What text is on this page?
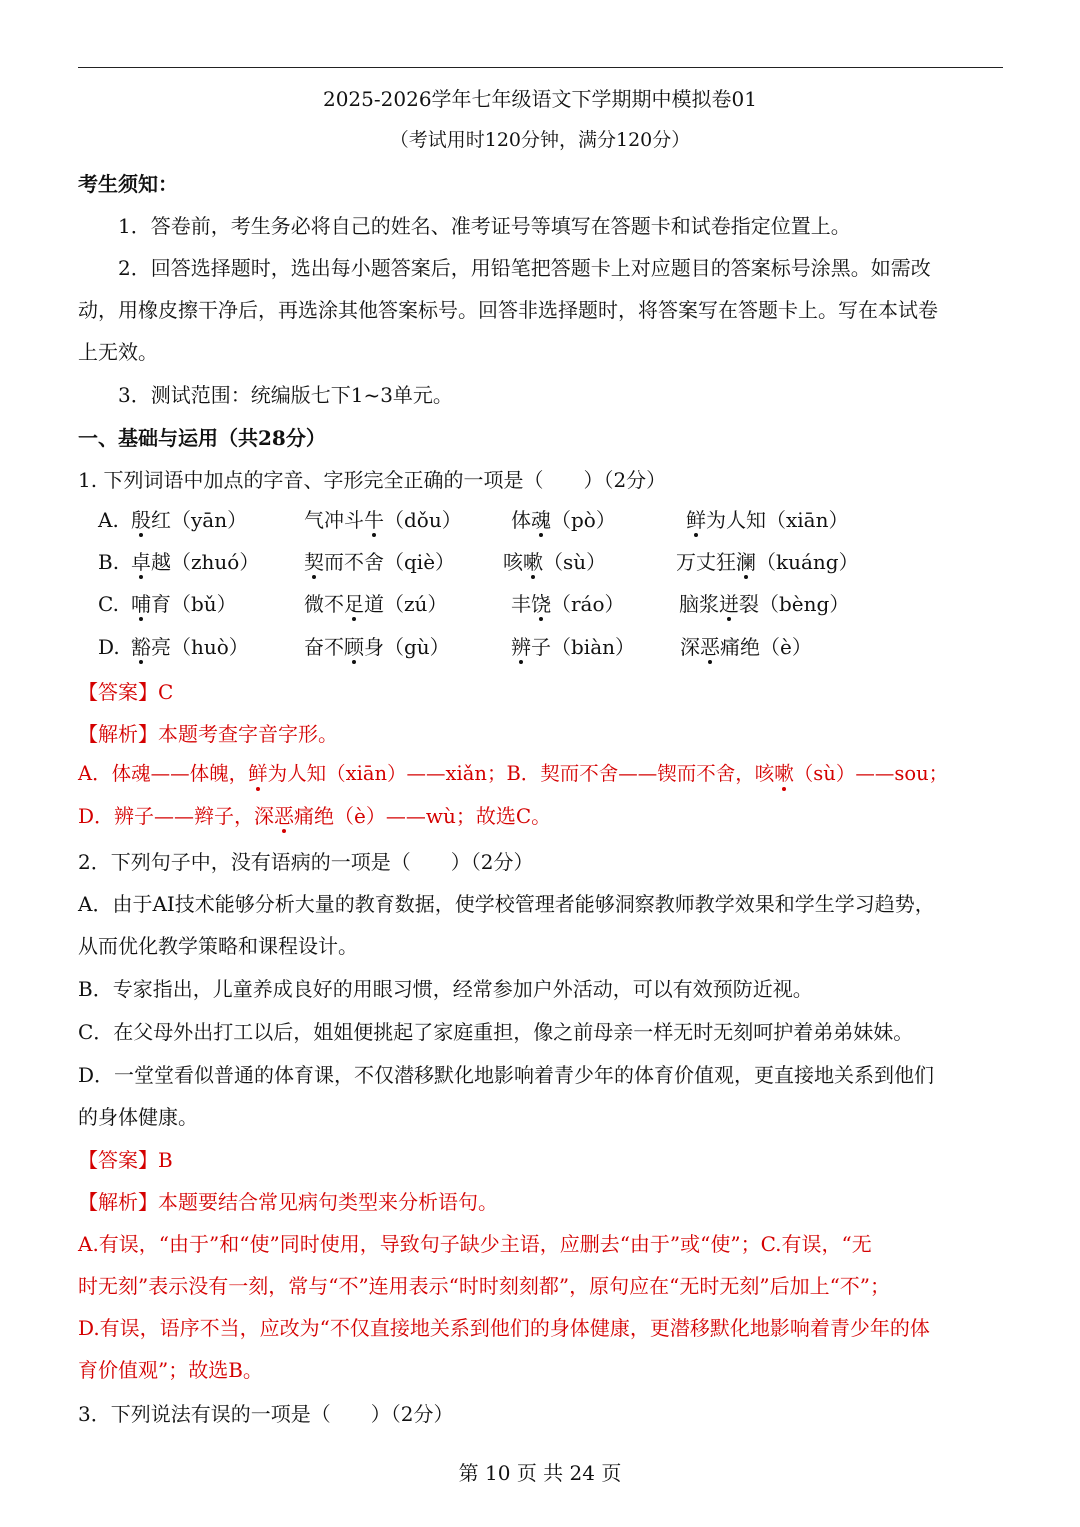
2025-2026学年七年级语文下学期期中模拟卷01
（考试用时120分钟，满分120分）
考生须知：
1．答卷前，考生务必将自己的姓名、准考证号等填写在答题卡和试卷指定位置上。
2．回答选择题时，选出每小题答案后，用铅笔把答题卡上对应题目的答案标号涂黑。如需改
动，用橡皮擦干净后，再选涂其他答案标号。回答非选择题时，将答案写在答题卡上。写在本试卷
上无效。
3．测试范围：统编版七下1~3单元。
一、基础与运用（共28分）
1. 下列词语中加点的字音、字形完全正确的一项是（　　）（2分）
A. 殷红（yān）	气冲斗牛（dǒu） 体魂（pò）	鲜为人知（xiān）
B. 卓越（zhuó） 契而不舍（qiè） 咳嗽（sù）	万丈狂澜（kuáng）
C. 哺育（bǔ）	微不足道（zú）	丰饶（ráo）	脑浆迸裂（bèng）
D. 豁亮（huò）	奋不顾身（gù）	辨子（biàn） 深恶痛绝（è）
【答案】C
【解析】本题考查字音字形。
A．体魂——体魄，鲜为人知（xiān）——xiǎn；B．契而不舍——锲而不舍，咳嗽（sù）——sou；
D．辨子——辫子，深恶痛绝（è）——wù；故选C。
2．下列句子中，没有语病的一项是（　　）（2分）
A．由于AI技术能够分析大量的教育数据，使学校管理者能够洞察教师教学效果和学生学习趋势，
从而优化教学策略和课程设计。
B．专家指出，儿童养成良好的用眼习惯，经常参加户外活动，可以有效预防近视。
C．在父母外出打工以后，姐姐便挑起了家庭重担，像之前母亲一样无时无刻呵护着弟弟妹妹。
D．一堂堂看似普通的体育课，不仅潜移默化地影响着青少年的体育价值观，更直接地关系到他们
的身体健康。
【答案】B
【解析】本题要结合常见病句类型来分析语句。
A.有误，“由于”和“使”同时使用，导致句子缺少主语，应删去“由于”或“使”；C.有误，“无
时无刻”表示没有一刻，常与“不”连用表示“时时刻刻都”，原句应在“无时无刻”后加上“不”；
D.有误，语序不当，应改为“不仅直接地关系到他们的身体健康，更潜移默化地影响着青少年的体
育价值观”；故选B。
3．下列说法有误的一项是（　　）（2分）
第 10 页 共 24 页
